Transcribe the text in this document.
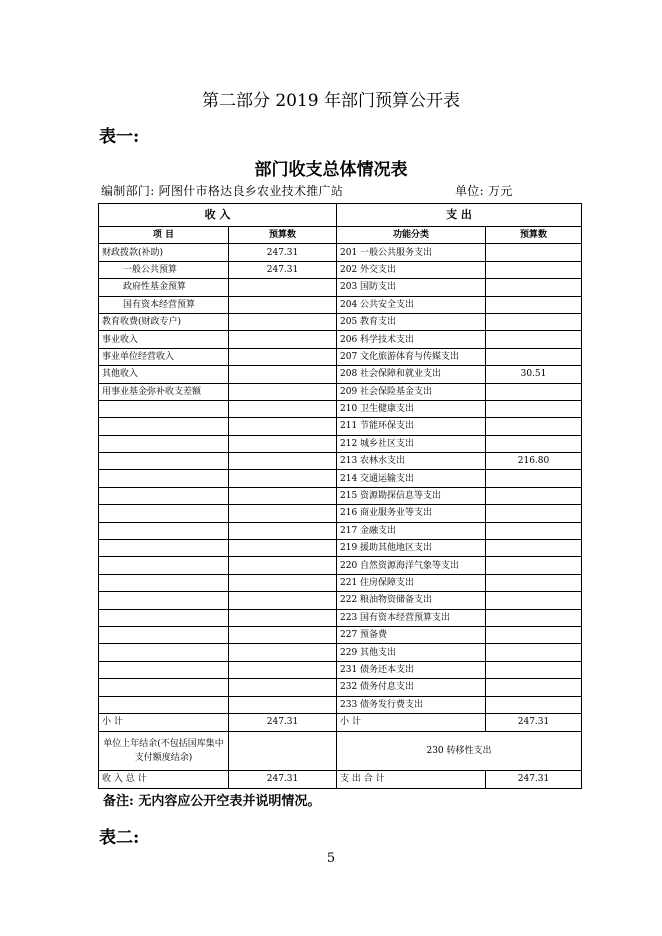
第二部分 2019 年部门预算公开表
表一:
部门收支总体情况表
编制部门: 阿图什市格达良乡农业技术推广站	单位: 万元
收 入		支 出	
项 目	预算数	功能分类	预算数
财政拨款(补助)	247.31	201 一般公共服务支出	
一般公共预算	247.31	202 外交支出	
政府性基金预算		203 国防支出	
国有资本经营预算		204 公共安全支出	
教育收费(财政专户)		205 教育支出	
事业收入		206 科学技术支出	
事业单位经营收入		207 文化旅游体育与传媒支出	
其他收入		208 社会保障和就业支出	30.51
用事业基金弥补收支差额		209 社会保险基金支出	
		210 卫生健康支出	
		211 节能环保支出	
		212 城乡社区支出	
		213 农林水支出	216.80
		214 交通运输支出	
		215 资源勘探信息等支出	
		216 商业服务业等支出	
		217 金融支出	
		219 援助其他地区支出	
		220 自然资源海洋气象等支出	
		221 住房保障支出	
		222 粮油物资储备支出	
		223 国有资本经营预算支出	
		227 预备费	
		229 其他支出	
		231 债务还本支出	
		232 债务付息支出	
		233 债务发行费支出	
小 计	247.31	小 计	247.31
单位上年结余(不包括国库集中支付额度结余)		230 转移性支出	
收 入 总 计	247.31	支 出 合 计	247.31
备注: 无内容应公开空表并说明情况。
表二:
5
